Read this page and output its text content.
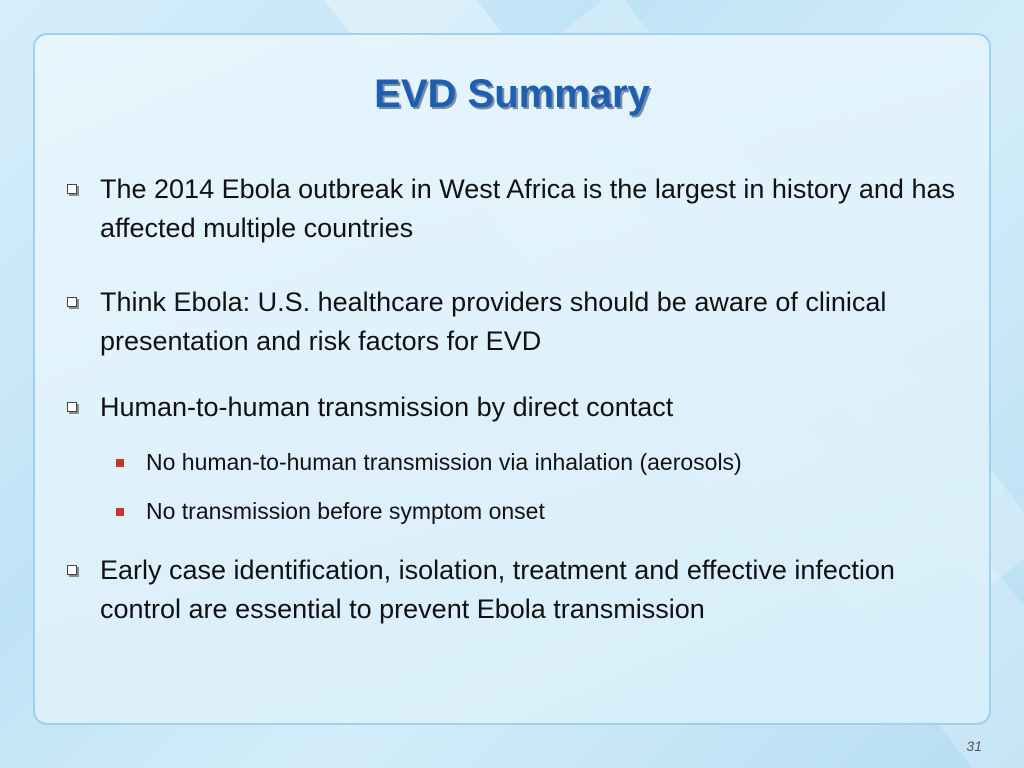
EVD Summary
The 2014 Ebola outbreak in West Africa is the largest in history and has affected multiple countries
Think Ebola: U.S. healthcare providers should be aware of clinical presentation and risk factors for EVD
Human-to-human transmission by direct contact
No human-to-human transmission via inhalation (aerosols)
No transmission before symptom onset
Early case identification, isolation, treatment and effective infection control are essential to prevent Ebola transmission
31
